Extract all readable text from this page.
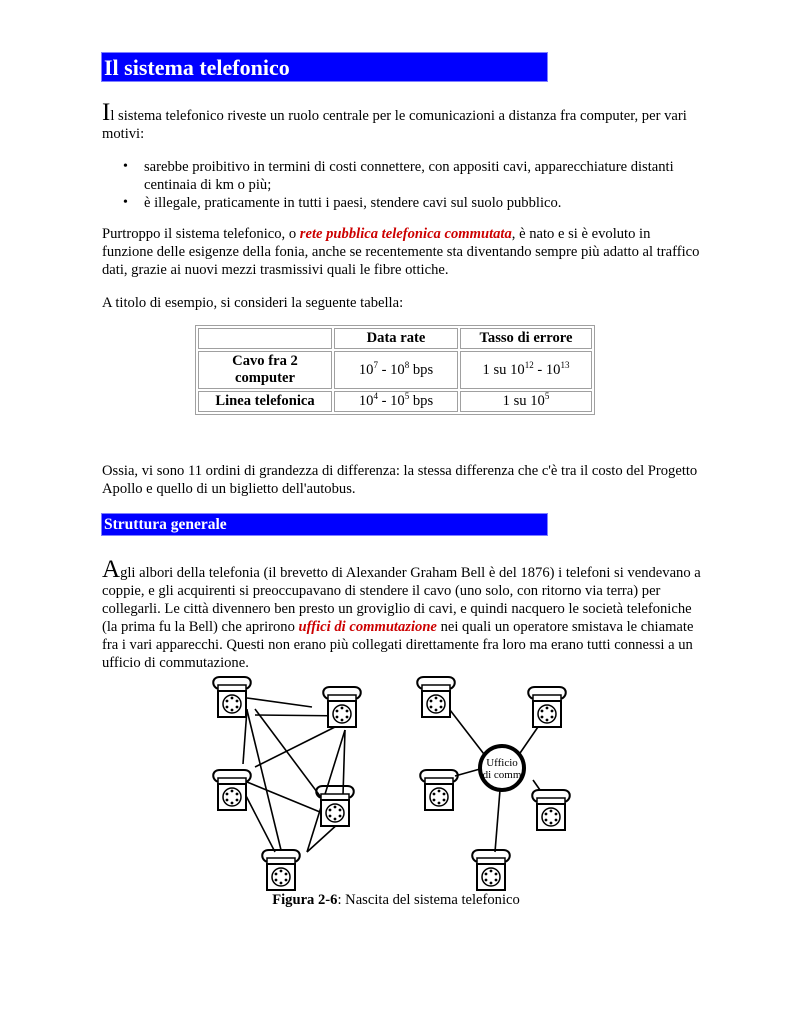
Il sistema telefonico

Il sistema telefonico riveste un ruolo centrale per le comunicazioni a distanza fra computer, per vari motivi:

• sarebbe proibitivo in termini di costi connettere, con appositi cavi, apparecchiature distanti centinaia di km o più;
• è illegale, praticamente in tutti i paesi, stendere cavi sul suolo pubblico.

Purtroppo il sistema telefonico, o rete pubblica telefonica commutata, è nato e si è evoluto in funzione delle esigenze della fonia, anche se recentemente sta diventando sempre più adatto al traffico dati, grazie ai nuovi mezzi trasmissivi quali le fibre ottiche.

A titolo di esempio, si consideri la seguente tabella:

	Data rate	Tasso di errore
Cavo fra 2 computer	$10^7 - 10^8$ bps	1 su $10^{12} - 10^{13}$
Linea telefonica	$10^4 - 10^5$ bps	1 su $10^5$

Ossia, vi sono 11 ordini di grandezza di differenza: la stessa differenza che c'è tra il costo del Progetto Apollo e quello di un biglietto dell'autobus.

Struttura generale

Agli albori della telefonia (il brevetto di Alexander Graham Bell è del 1876) i telefoni si vendevano a coppie, e gli acquirenti si preoccupavano di stendere il cavo (uno solo, con ritorno via terra) per collegarli. Le città divennero ben presto un groviglio di cavi, e quindi nacquero le società telefoniche (la prima fu la Bell) che aprirono uffici di commutazione nei quali un operatore smistava le chiamate fra i vari apparecchi. Questi non erano più collegati direttamente fra loro ma erano tutti connessi a un ufficio di commutazione.

Ufficio
di comm

Figura 2-6: Nascita del sistema telefonico
